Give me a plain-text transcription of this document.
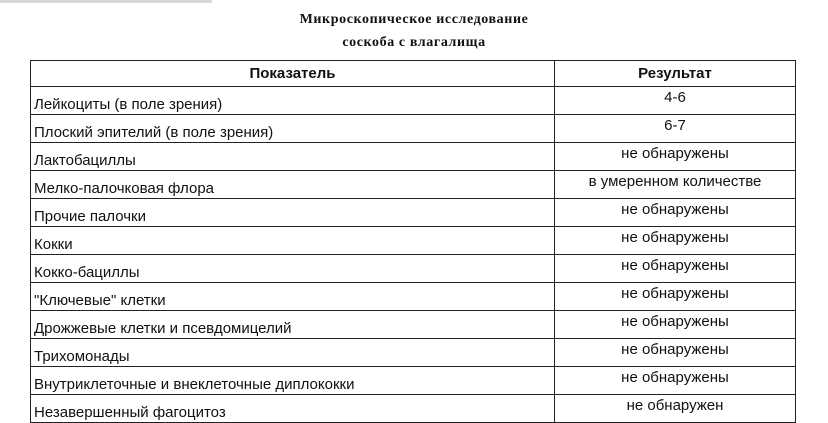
Микроскопическое исследование
соскоба с влагалища
Показатель	Результат
Лейкоциты (в поле зрения)	4-6
Плоский эпителий (в поле зрения)	6-7
Лактобациллы	не обнаружены
Мелко-палочковая флора	в умеренном количестве
Прочие палочки	не обнаружены
Кокки	не обнаружены
Кокко-бациллы	не обнаружены
"Ключевые" клетки	не обнаружены
Дрожжевые клетки и псевдомицелий	не обнаружены
Трихомонады	не обнаружены
Внутриклеточные и внеклеточные диплококки	не обнаружены
Незавершенный фагоцитоз	не обнаружен
